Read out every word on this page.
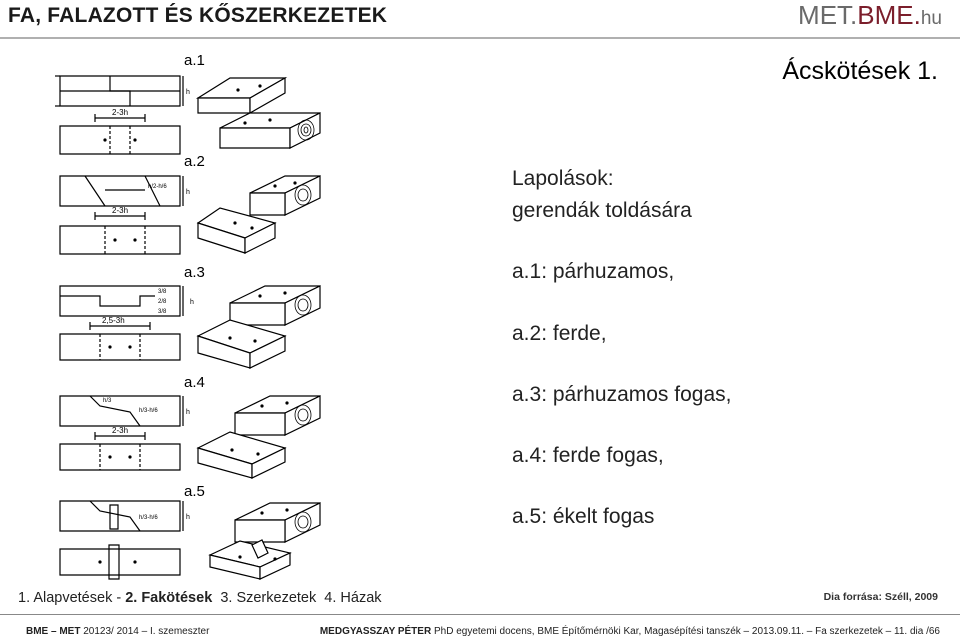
FA, FALAZOTT ÉS KŐSZERKEZETEK	MET.BME.hu
Ácskötések 1.
a.1
a.2
a.3
a.4
a.5
2-3h
h
2-3h
h
h/2-h/6
2,5-3h
h
3/8
2/8
3/8
2-3h
h
h/3-h/6
h/3
h
h/3-h/6
Lapolások:
gerendák toldására
a.1: párhuzamos,
a.2: ferde,
a.3: párhuzamos fogas,
a.4: ferde fogas,
a.5: ékelt fogas
1. Alapvetések - 2. Fakötések  3. Szerkezetek  4. Házak	Dia forrása: Széll, 2009
BME – MET 20123/ 2014 – I. szemeszter	MEDGYASSZAY PÉTER PhD egyetemi docens, BME Építőmérnöki Kar, Magasépítési tanszék – 2013.09.11. – Fa szerkezetek – 11. dia /66
